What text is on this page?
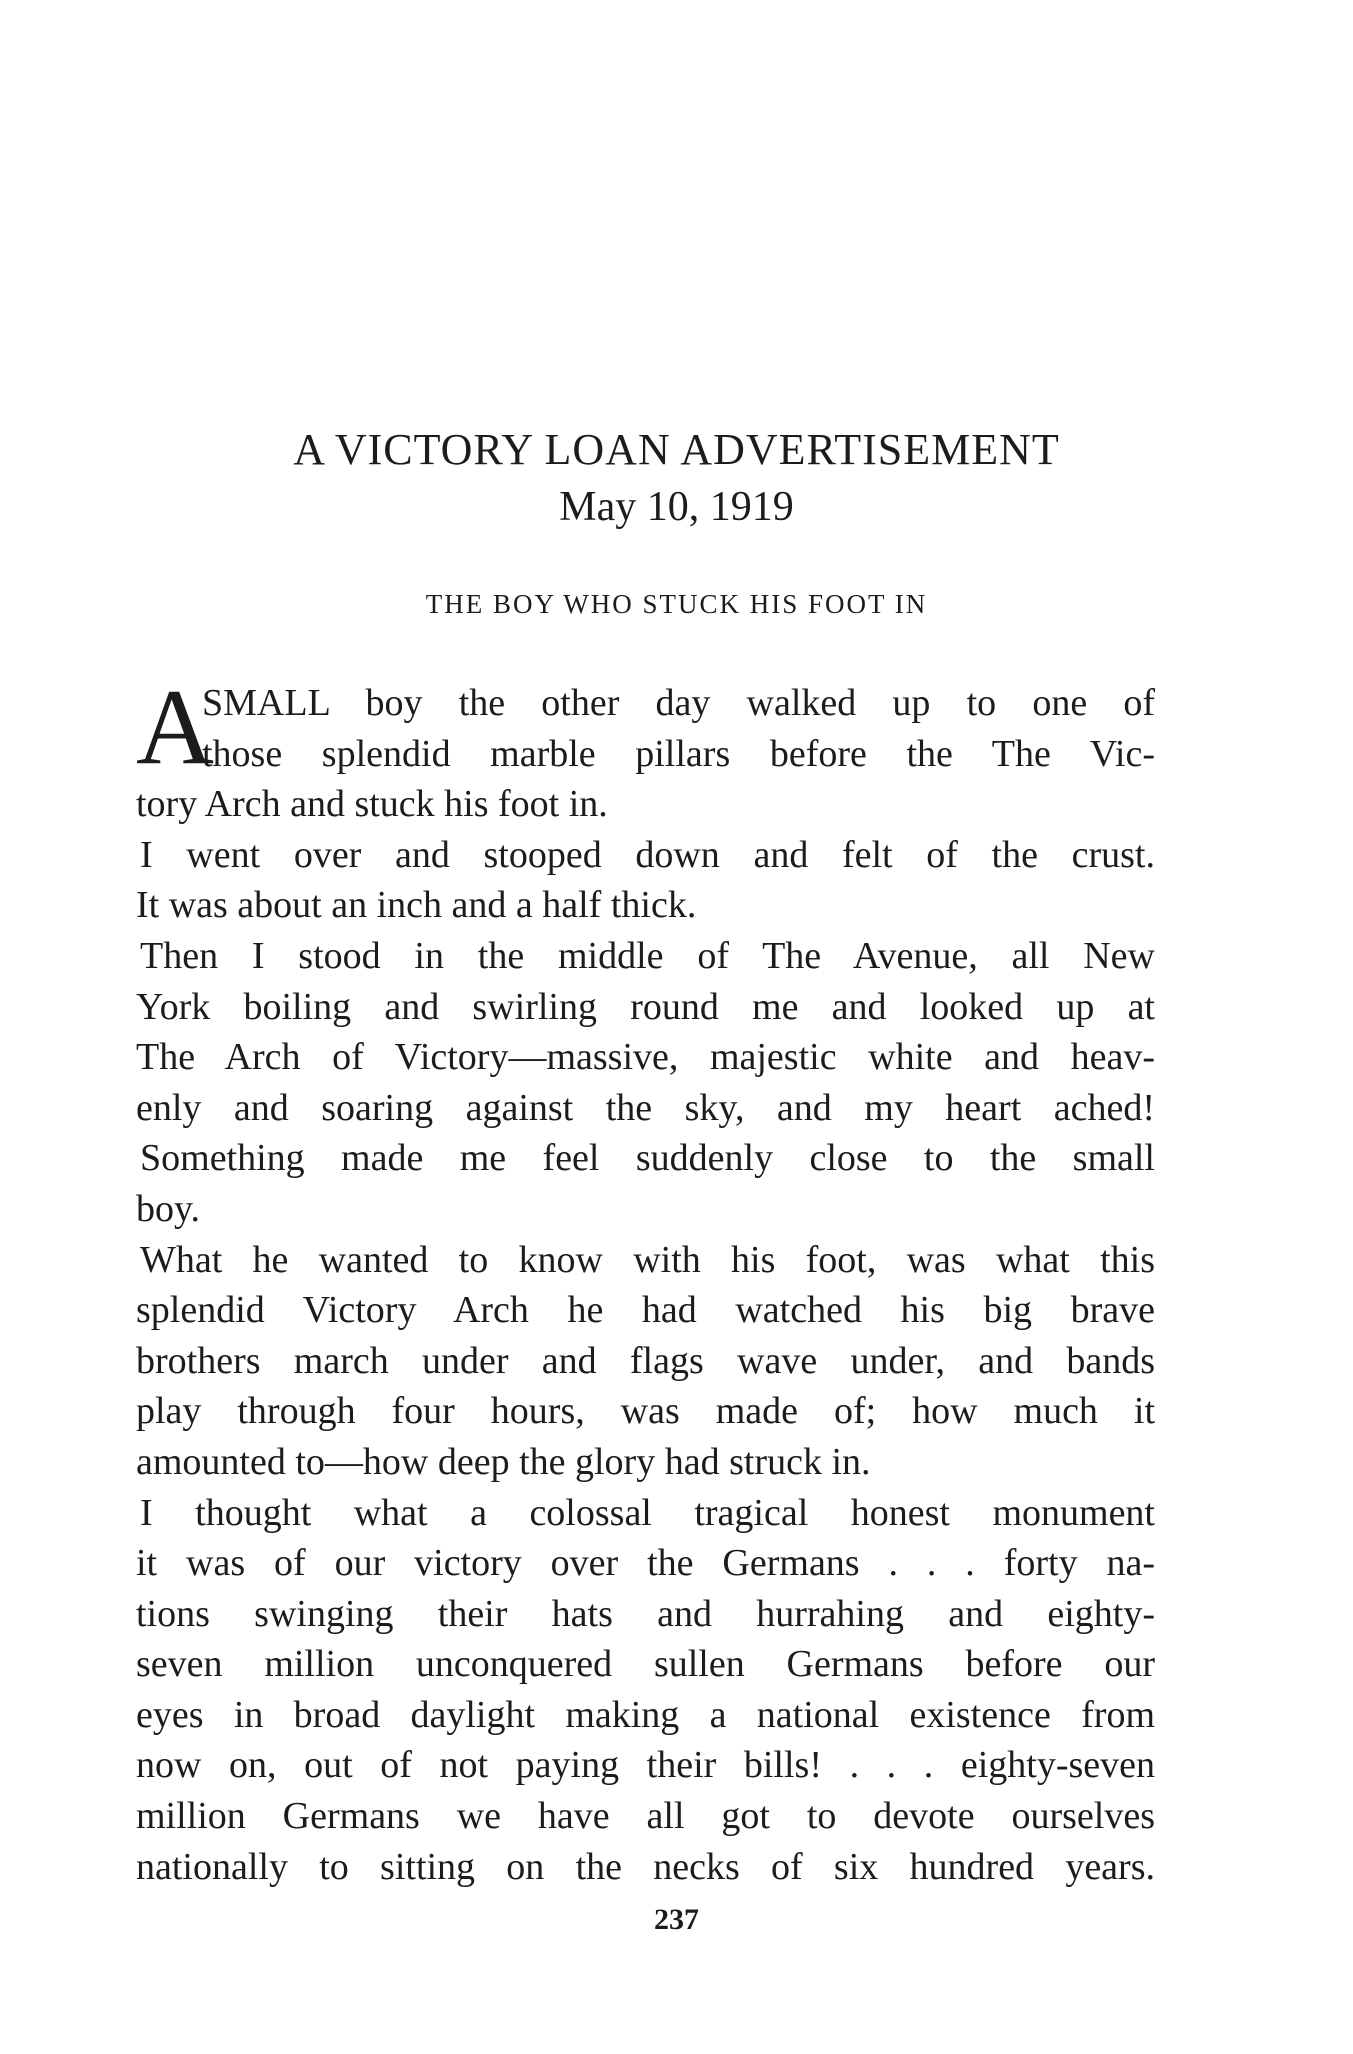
A VICTORY LOAN ADVERTISEMENT
May 10, 1919
THE BOY WHO STUCK HIS FOOT IN
A
SMALL boy the other day walked up to one of
those splendid marble pillars before the The Vic-
tory Arch and stuck his foot in.
I went over and stooped down and felt of the crust.
It was about an inch and a half thick.
Then I stood in the middle of The Avenue, all New
York boiling and swirling round me and looked up at
The Arch of Victory—massive, majestic white and heav-
enly and soaring against the sky, and my heart ached!
Something made me feel suddenly close to the small
boy.
What he wanted to know with his foot, was what this
splendid Victory Arch he had watched his big brave
brothers march under and flags wave under, and bands
play through four hours, was made of; how much it
amounted to—how deep the glory had struck in.
I thought what a colossal tragical honest monument
it was of our victory over the Germans . . . forty na-
tions swinging their hats and hurrahing and eighty-
seven million unconquered sullen Germans before our
eyes in broad daylight making a national existence from
now on, out of not paying their bills! . . . eighty-seven
million Germans we have all got to devote ourselves
nationally to sitting on the necks of six hundred years.
237
